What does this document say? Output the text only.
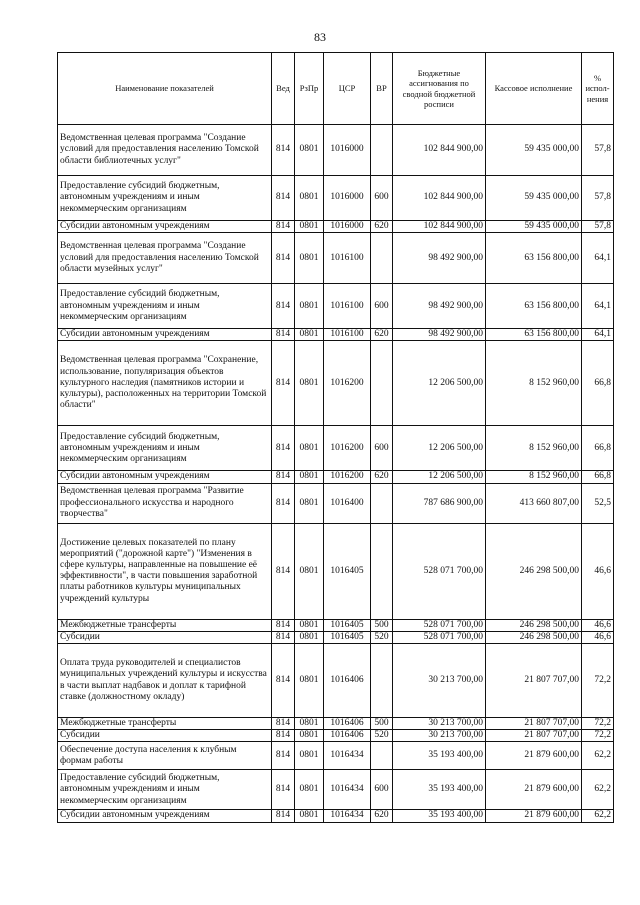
83
Наименование показателей	Вед	РзПр	ЦСР	ВР	Бюджетные ассигнования по сводной бюджетной росписи	Кассовое исполнение	% испол-нения
Ведомственная целевая программа "Создание условий для предоставления населению Томской области библиотечных услуг"	814	0801	1016000		102 844 900,00	59 435 000,00	57,8
Предоставление субсидий бюджетным, автономным учреждениям и иным некоммерческим организациям	814	0801	1016000	600	102 844 900,00	59 435 000,00	57,8
Субсидии автономным учреждениям	814	0801	1016000	620	102 844 900,00	59 435 000,00	57,8
Ведомственная целевая программа "Создание условий для предоставления населению Томской области музейных услуг"	814	0801	1016100		98 492 900,00	63 156 800,00	64,1
Предоставление субсидий бюджетным, автономным учреждениям и иным некоммерческим организациям	814	0801	1016100	600	98 492 900,00	63 156 800,00	64,1
Субсидии автономным учреждениям	814	0801	1016100	620	98 492 900,00	63 156 800,00	64,1
Ведомственная целевая программа "Сохранение, использование, популяризация объектов культурного наследия (памятников истории и культуры), расположенных на территории Томской области"	814	0801	1016200		12 206 500,00	8 152 960,00	66,8
Предоставление субсидий бюджетным, автономным учреждениям и иным некоммерческим организациям	814	0801	1016200	600	12 206 500,00	8 152 960,00	66,8
Субсидии автономным учреждениям	814	0801	1016200	620	12 206 500,00	8 152 960,00	66,8
Ведомственная целевая программа "Развитие профессионального искусства и народного творчества"	814	0801	1016400		787 686 900,00	413 660 807,00	52,5
Достижение целевых показателей по плану мероприятий ("дорожной карте") "Изменения в сфере культуры, направленные на повышение её эффективности", в части повышения заработной платы работников культуры муниципальных учреждений культуры	814	0801	1016405		528 071 700,00	246 298 500,00	46,6
Межбюджетные трансферты	814	0801	1016405	500	528 071 700,00	246 298 500,00	46,6
Субсидии	814	0801	1016405	520	528 071 700,00	246 298 500,00	46,6
Оплата труда руководителей и специалистов муниципальных учреждений культуры и искусства в части выплат надбавок и доплат к тарифной ставке (должностному окладу)	814	0801	1016406		30 213 700,00	21 807 707,00	72,2
Межбюджетные трансферты	814	0801	1016406	500	30 213 700,00	21 807 707,00	72,2
Субсидии	814	0801	1016406	520	30 213 700,00	21 807 707,00	72,2
Обеспечение доступа населения к клубным формам работы	814	0801	1016434		35 193 400,00	21 879 600,00	62,2
Предоставление субсидий бюджетным, автономным учреждениям и иным некоммерческим организациям	814	0801	1016434	600	35 193 400,00	21 879 600,00	62,2
Субсидии автономным учреждениям	814	0801	1016434	620	35 193 400,00	21 879 600,00	62,2
